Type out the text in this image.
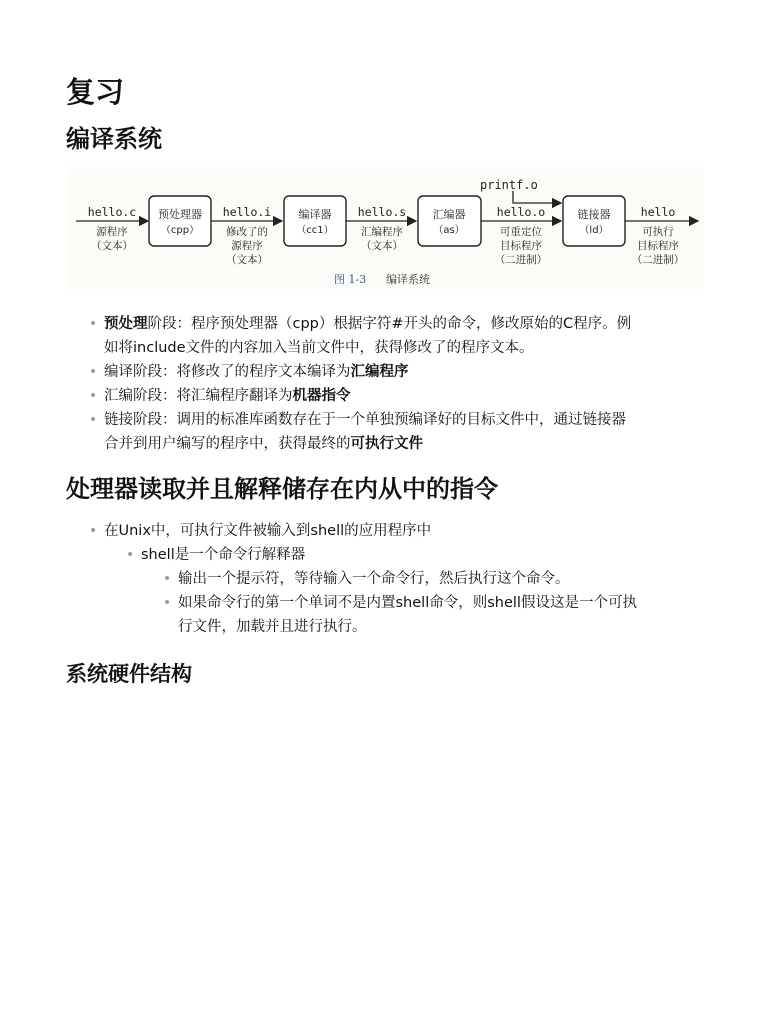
复习
编译系统
预处理器
（cpp）
编译器
（cc1）
汇编器
（as）
链接器
（ld）
printf.o
hello.c	hello.i	hello.s	hello.o	hello
源程序
（文本）
修改了的
源程序
（文本）
汇编程序
（文本）
可重定位
目标程序
（二进制）
可执行
目标程序
（二进制）
图 1-3 编译系统
• 预处理阶段：程序预处理器（cpp）根据字符#开头的命令，修改原始的C程序。例
如将include文件的内容加入当前文件中，获得修改了的程序文本。
• 编译阶段：将修改了的程序文本编译为汇编程序
• 汇编阶段：将汇编程序翻译为机器指令
• 链接阶段：调用的标准库函数存在于一个单独预编译好的目标文件中，通过链接器
合并到用户编写的程序中，获得最终的可执行文件
处理器读取并且解释储存在内从中的指令
• 在Unix中，可执行文件被输入到shell的应用程序中
• shell是一个命令行解释器
• 输出一个提示符，等待输入一个命令行，然后执行这个命令。
• 如果命令行的第一个单词不是内置shell命令，则shell假设这是一个可执
行文件，加载并且进行执行。
系统硬件结构
